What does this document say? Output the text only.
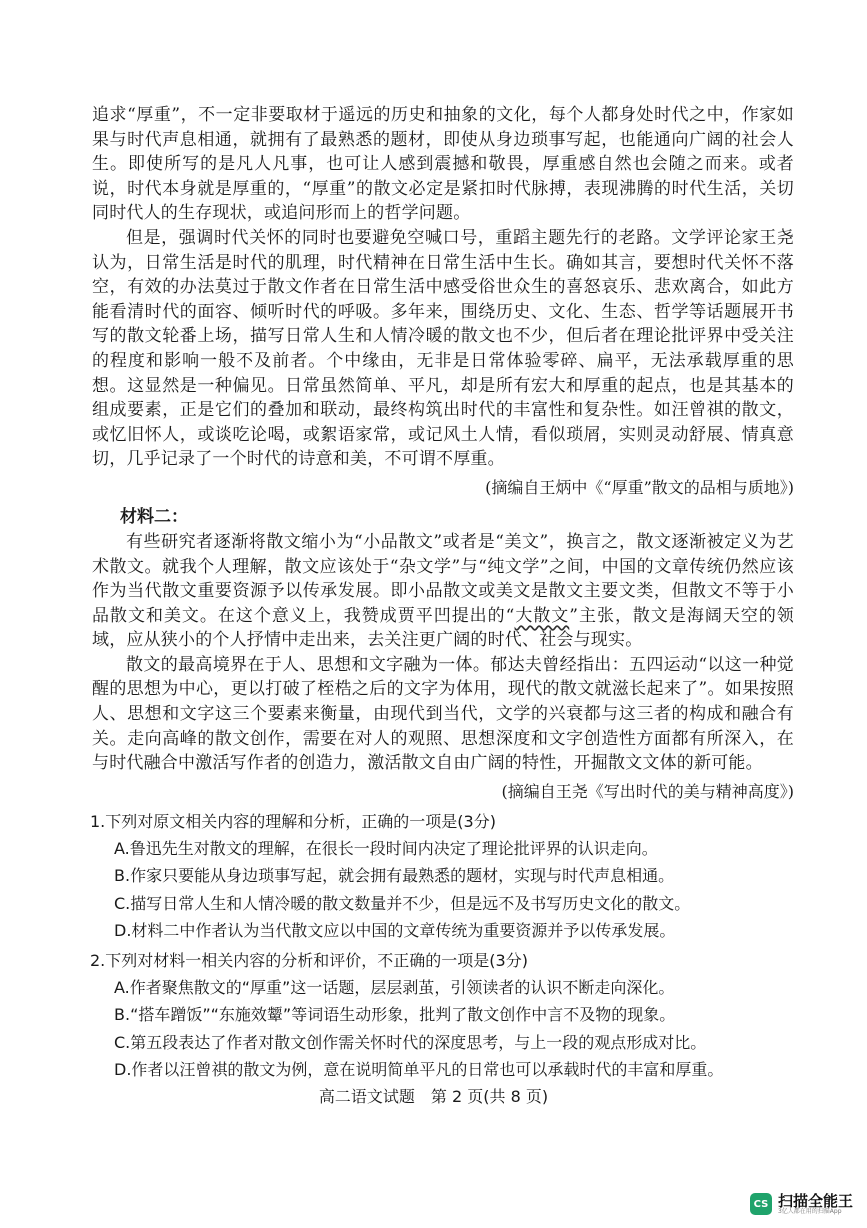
追求“厚重”，不一定非要取材于遥远的历史和抽象的文化，每个人都身处时代之中，作家如果与时代声息相通，就拥有了最熟悉的题材，即使从身边琐事写起，也能通向广阔的社会人生。即使所写的是凡人凡事，也可让人感到震撼和敬畏，厚重感自然也会随之而来。或者说，时代本身就是厚重的，“厚重”的散文必定是紧扣时代脉搏，表现沸腾的时代生活，关切同时代人的生存现状，或追问形而上的哲学问题。

但是，强调时代关怀的同时也要避免空喊口号，重蹈主题先行的老路。文学评论家王尧认为，日常生活是时代的肌理，时代精神在日常生活中生长。确如其言，要想时代关怀不落空，有效的办法莫过于散文作者在日常生活中感受俗世众生的喜怒哀乐、悲欢离合，如此方能看清时代的面容、倾听时代的呼吸。多年来，围绕历史、文化、生态、哲学等话题展开书写的散文轮番上场，描写日常人生和人情冷暖的散文也不少，但后者在理论批评界中受关注的程度和影响一般不及前者。个中缘由，无非是日常体验零碎、扁平，无法承载厚重的思想。这显然是一种偏见。日常虽然简单、平凡，却是所有宏大和厚重的起点，也是其基本的组成要素，正是它们的叠加和联动，最终构筑出时代的丰富性和复杂性。如汪曾祺的散文，或忆旧怀人，或谈吃论喝，或絮语家常，或记风土人情，看似琐屑，实则灵动舒展、情真意切，几乎记录了一个时代的诗意和美，不可谓不厚重。

(摘编自王炳中《“厚重”散文的品相与质地》)

材料二：

有些研究者逐渐将散文缩小为“小品散文”或者是“美文”，换言之，散文逐渐被定义为艺术散文。就我个人理解，散文应该处于“杂文学”与“纯文学”之间，中国的文章传统仍然应该作为当代散文重要资源予以传承发展。即小品散文或美文是散文主要文类，但散文不等于小品散文和美文。在这个意义上，我赞成贾平凹提出的“大散文”主张，散文是海阔天空的领域，应从狭小的个人抒情中走出来，去关注更广阔的时代、社会与现实。

散文的最高境界在于人、思想和文字融为一体。郁达夫曾经指出：五四运动“以这一种觉醒的思想为中心，更以打破了桎梏之后的文字为体用，现代的散文就滋长起来了”。如果按照人、思想和文字这三个要素来衡量，由现代到当代，文学的兴衰都与这三者的构成和融合有关。走向高峰的散文创作，需要在对人的观照、思想深度和文字创造性方面都有所深入，在与时代融合中激活写作者的创造力，激活散文自由广阔的特性，开掘散文文体的新可能。

(摘编自王尧《写出时代的美与精神高度》)

1.下列对原文相关内容的理解和分析，正确的一项是(3分)
A.鲁迅先生对散文的理解，在很长一段时间内决定了理论批评界的认识走向。
B.作家只要能从身边琐事写起，就会拥有最熟悉的题材，实现与时代声息相通。
C.描写日常人生和人情冷暖的散文数量并不少，但是远不及书写历史文化的散文。
D.材料二中作者认为当代散文应以中国的文章传统为重要资源并予以传承发展。
2.下列对材料一相关内容的分析和评价，不正确的一项是(3分)
A.作者聚焦散文的“厚重”这一话题，层层剥茧，引领读者的认识不断走向深化。
B.“搭车蹭饭”“东施效颦”等词语生动形象，批判了散文创作中言不及物的现象。
C.第五段表达了作者对散文创作需关怀时代的深度思考，与上一段的观点形成对比。
D.作者以汪曾祺的散文为例，意在说明简单平凡的日常也可以承载时代的丰富和厚重。
高二语文试题　第 2 页(共 8 页)
CS 扫描全能王
3亿人都在用的扫描App
